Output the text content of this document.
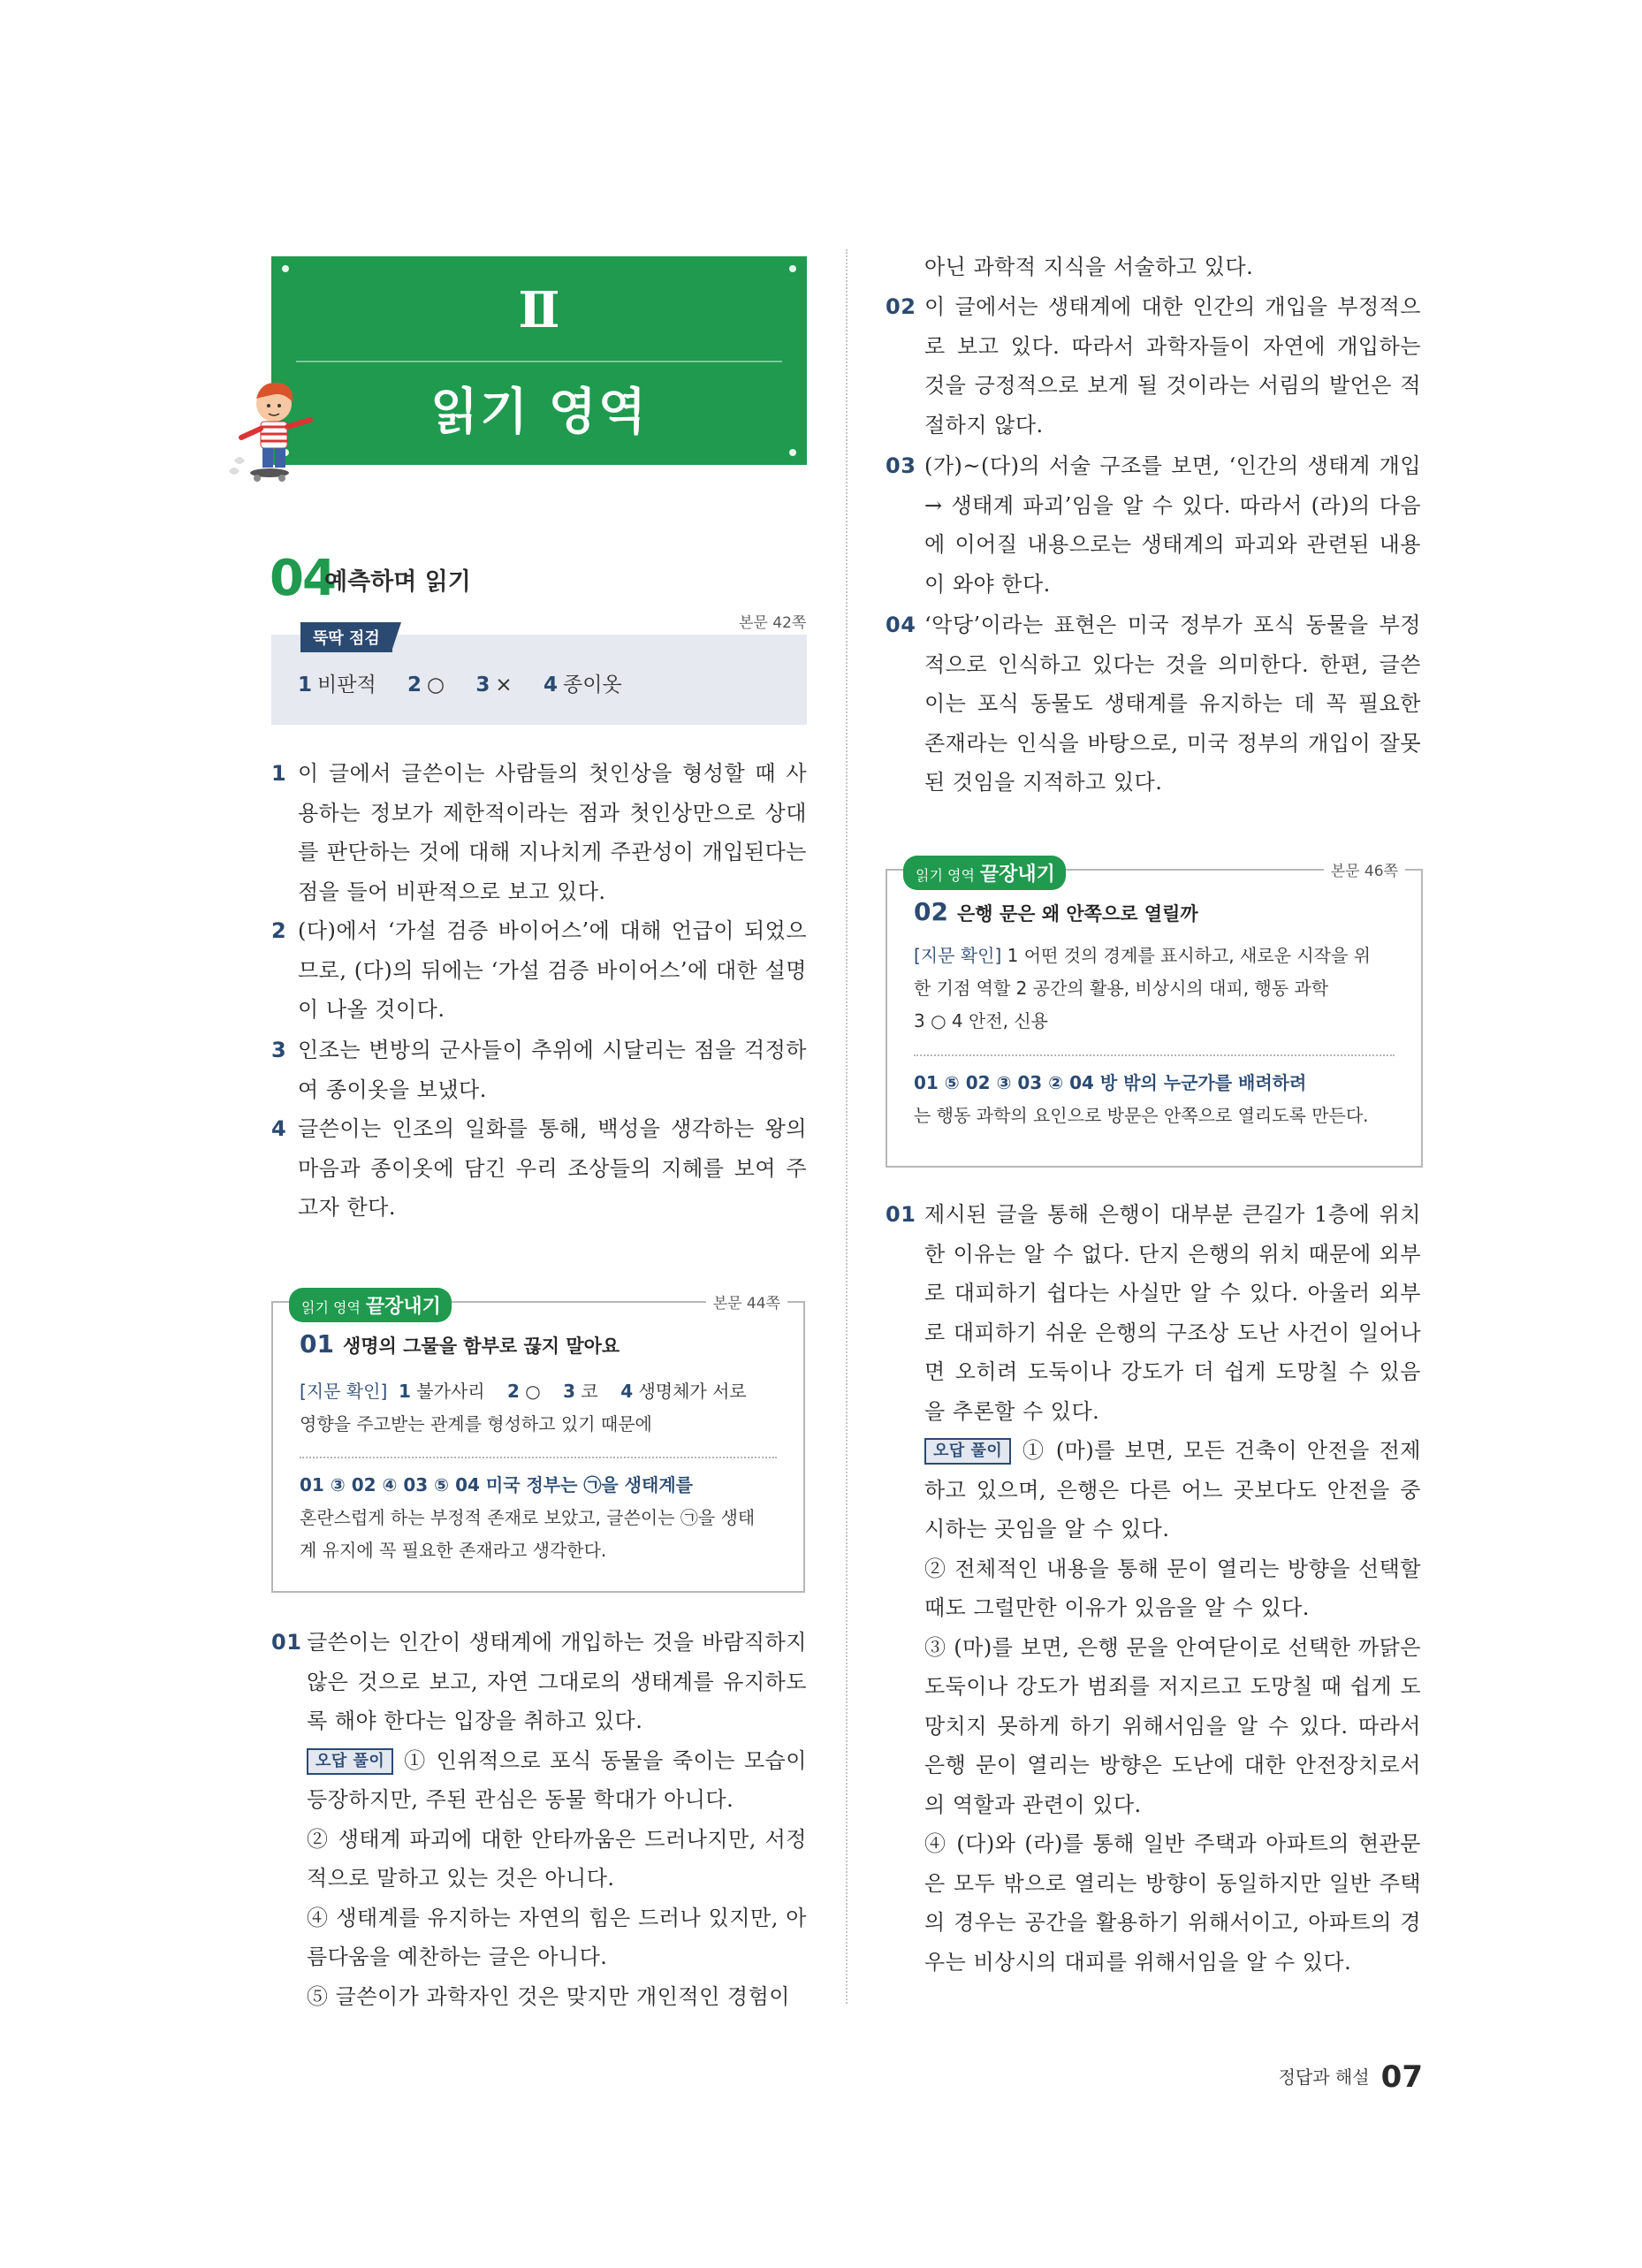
Ⅱ
읽기 영역
04
예측하며 읽기
본문 42쪽
뚝딱 점검
1 비판적 2 ○ 3 × 4 종이옷
1 이 글에서 글쓴이는 사람들의 첫인상을 형성할 때 사용하는 정보가 제한적이라는 점과 첫인상만으로 상대를 판단하는 것에 대해 지나치게 주관성이 개입된다는 점을 들어 비판적으로 보고 있다.
2 (다)에서 ‘가설 검증 바이어스’에 대해 언급이 되었으므로, (다)의 뒤에는 ‘가설 검증 바이어스’에 대한 설명이 나올 것이다.
3 인조는 변방의 군사들이 추위에 시달리는 점을 걱정하여 종이옷을 보냈다.
4 글쓴이는 인조의 일화를 통해, 백성을 생각하는 왕의 마음과 종이옷에 담긴 우리 조상들의 지혜를 보여 주고자 한다.
읽기 영역 끝장내기	본문 44쪽
01 생명의 그물을 함부로 끊지 말아요
[지문 확인] 1 불가사리 2 ○ 3 코 4 생명체가 서로
영향을 주고받는 관계를 형성하고 있기 때문에
01 ③ 02 ④ 03 ⑤ 04 미국 정부는 ㉠을 생태계를
혼란스럽게 하는 부정적 존재로 보았고, 글쓴이는 ㉠을 생태
계 유지에 꼭 필요한 존재라고 생각한다.
01 글쓴이는 인간이 생태계에 개입하는 것을 바람직하지 않은 것으로 보고, 자연 그대로의 생태계를 유지하도록 해야 한다는 입장을 취하고 있다.
오답 풀이 ① 인위적으로 포식 동물을 죽이는 모습이 등장하지만, 주된 관심은 동물 학대가 아니다.
② 생태계 파괴에 대한 안타까움은 드러나지만, 서정적으로 말하고 있는 것은 아니다.
④ 생태계를 유지하는 자연의 힘은 드러나 있지만, 아름다움을 예찬하는 글은 아니다.
⑤ 글쓴이가 과학자인 것은 맞지만 개인적인 경험이
아닌 과학적 지식을 서술하고 있다.
02 이 글에서는 생태계에 대한 인간의 개입을 부정적으로 보고 있다. 따라서 과학자들이 자연에 개입하는 것을 긍정적으로 보게 될 것이라는 서림의 발언은 적절하지 않다.
03 (가)~(다)의 서술 구조를 보면, ‘인간의 생태계 개입 → 생태계 파괴’임을 알 수 있다. 따라서 (라)의 다음에 이어질 내용으로는 생태계의 파괴와 관련된 내용이 와야 한다.
04 ‘악당’이라는 표현은 미국 정부가 포식 동물을 부정적으로 인식하고 있다는 것을 의미한다. 한편, 글쓴이는 포식 동물도 생태계를 유지하는 데 꼭 필요한 존재라는 인식을 바탕으로, 미국 정부의 개입이 잘못된 것임을 지적하고 있다.
읽기 영역 끝장내기	본문 46쪽
02 은행 문은 왜 안쪽으로 열릴까
[지문 확인] 1 어떤 것의 경계를 표시하고, 새로운 시작을 위
한 기점 역할 2 공간의 활용, 비상시의 대피, 행동 과학
3 ○ 4 안전, 신용
01 ⑤ 02 ③ 03 ② 04 방 밖의 누군가를 배려하려
는 행동 과학의 요인으로 방문은 안쪽으로 열리도록 만든다.
01 제시된 글을 통해 은행이 대부분 큰길가 1층에 위치한 이유는 알 수 없다. 단지 은행의 위치 때문에 외부로 대피하기 쉽다는 사실만 알 수 있다. 아울러 외부로 대피하기 쉬운 은행의 구조상 도난 사건이 일어나면 오히려 도둑이나 강도가 더 쉽게 도망칠 수 있음을 추론할 수 있다.
오답 풀이 ① (마)를 보면, 모든 건축이 안전을 전제하고 있으며, 은행은 다른 어느 곳보다도 안전을 중시하는 곳임을 알 수 있다.
② 전체적인 내용을 통해 문이 열리는 방향을 선택할 때도 그럴만한 이유가 있음을 알 수 있다.
③ (마)를 보면, 은행 문을 안여닫이로 선택한 까닭은 도둑이나 강도가 범죄를 저지르고 도망칠 때 쉽게 도망치지 못하게 하기 위해서임을 알 수 있다. 따라서 은행 문이 열리는 방향은 도난에 대한 안전장치로서의 역할과 관련이 있다.
④ (다)와 (라)를 통해 일반 주택과 아파트의 현관문은 모두 밖으로 열리는 방향이 동일하지만 일반 주택의 경우는 공간을 활용하기 위해서이고, 아파트의 경우는 비상시의 대피를 위해서임을 알 수 있다.
정답과 해설 07
